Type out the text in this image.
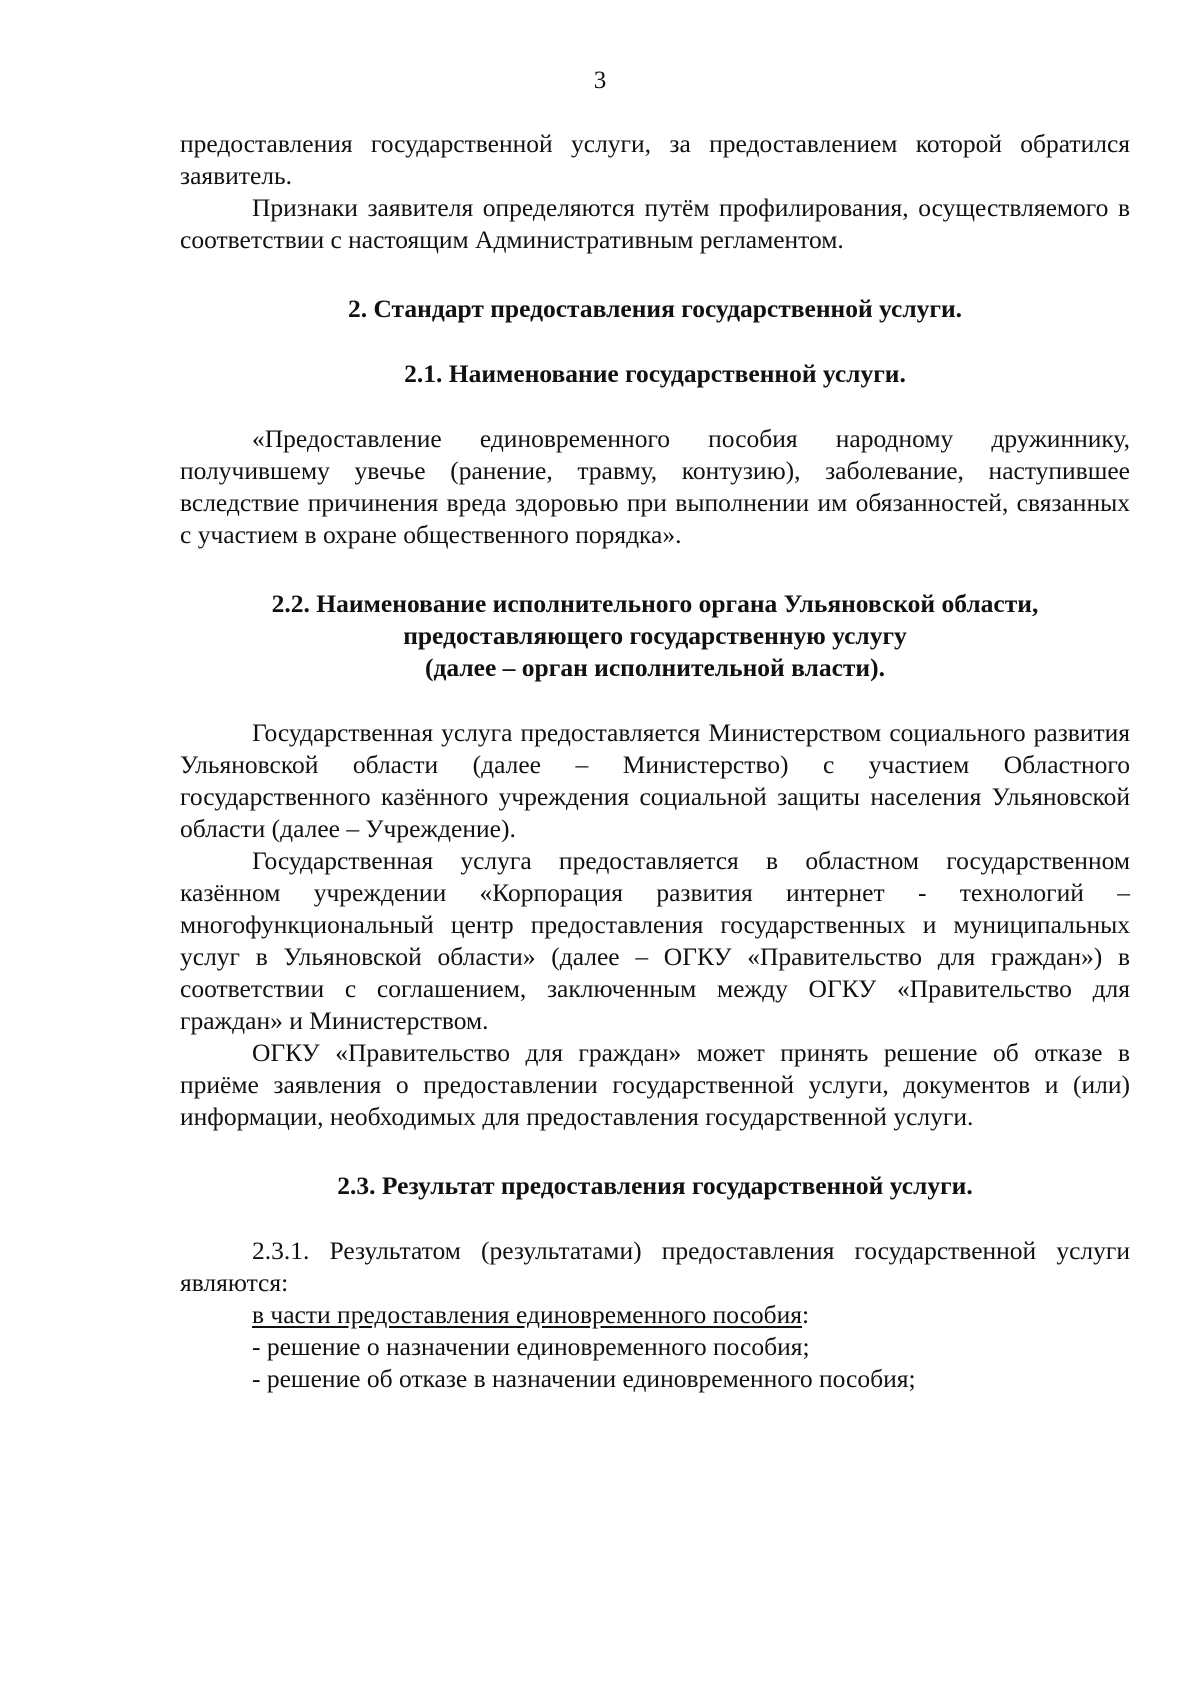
3

предоставления государственной услуги, за предоставлением которой обратился заявитель.

Признаки заявителя определяются путём профилирования, осуществляемого в соответствии с настоящим Административным регламентом.

2. Стандарт предоставления государственной услуги.

2.1. Наименование государственной услуги.

«Предоставление единовременного пособия народному дружиннику, получившему увечье (ранение, травму, контузию), заболевание, наступившее вследствие причинения вреда здоровью при выполнении им обязанностей, связанных с участием в охране общественного порядка».

2.2. Наименование исполнительного органа Ульяновской области,

предоставляющего государственную услугу

(далее – орган исполнительной власти).

Государственная услуга предоставляется Министерством социального развития Ульяновской области (далее – Министерство) с участием Областного государственного казённого учреждения социальной защиты населения Ульяновской области (далее – Учреждение).

Государственная услуга предоставляется в областном государственном казённом учреждении «Корпорация развития интернет - технологий – многофункциональный центр предоставления государственных и муниципальных услуг в Ульяновской области» (далее – ОГКУ «Правительство для граждан») в соответствии с соглашением, заключенным между ОГКУ «Правительство для граждан» и Министерством.

ОГКУ «Правительство для граждан» может принять решение об отказе в приёме заявления о предоставлении государственной услуги, документов и (или) информации, необходимых для предоставления государственной услуги.

2.3. Результат предоставления государственной услуги.

2.3.1. Результатом (результатами) предоставления государственной услуги являются:

в части предоставления единовременного пособия:

- решение о назначении единовременного пособия;

- решение об отказе в назначении единовременного пособия;
